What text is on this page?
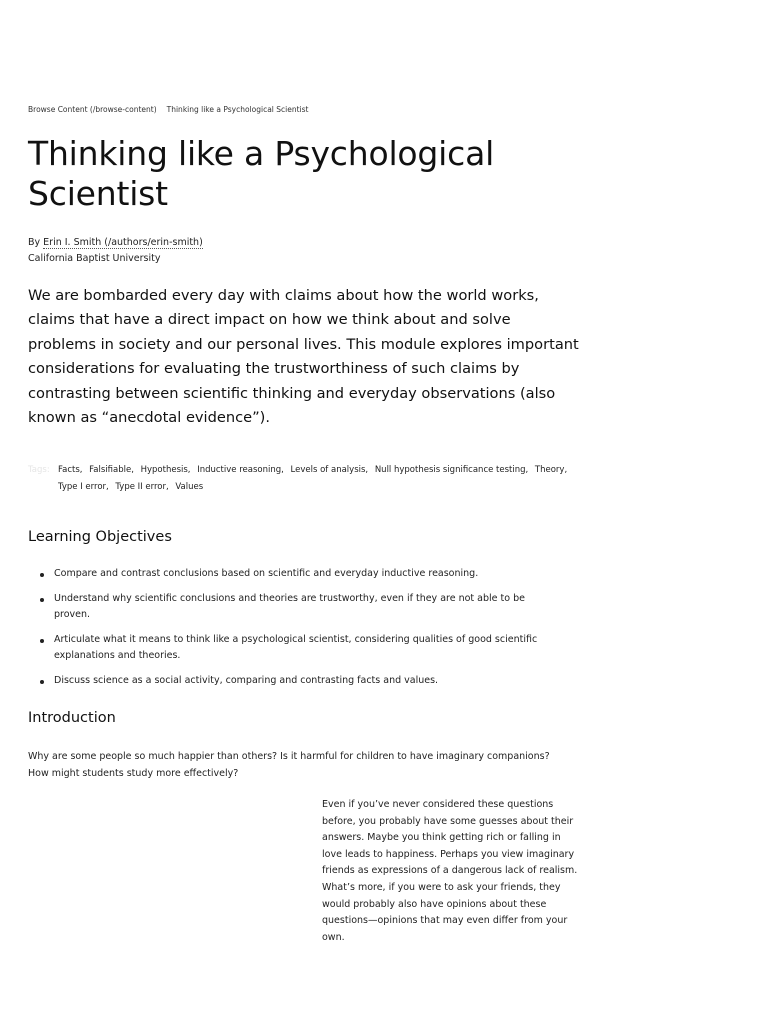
Browse Content (/browse-content) Thinking like a Psychological Scientist
Thinking like a Psychological Scientist
By Erin I. Smith (/authors/erin-smith)
California Baptist University

We are bombarded every day with claims about how the world works, claims that have a direct impact on how we think about and solve problems in society and our personal lives. This module explores important considerations for evaluating the trustworthiness of such claims by contrasting between scientific thinking and everyday observations (also known as “anecdotal evidence”).

Tags: Facts, Falsifiable, Hypothesis, Inductive reasoning, Levels of analysis, Null hypothesis significance testing, Theory,
Type I error, Type II error, Values
Learning Objectives
Compare and contrast conclusions based on scientific and everyday inductive reasoning.
Understand why scientific conclusions and theories are trustworthy, even if they are not able to be proven.
Articulate what it means to think like a psychological scientist, considering qualities of good scientific explanations and theories.
Discuss science as a social activity, comparing and contrasting facts and values.
Introduction

Why are some people so much happier than others? Is it harmful for children to have imaginary companions? How might students study more effectively?

Even if you’ve never considered these questions before, you probably have some guesses about their answers. Maybe you think getting rich or falling in love leads to happiness. Perhaps you view imaginary friends as expressions of a dangerous lack of realism. What’s more, if you were to ask your friends, they would probably also have opinions about these questions—opinions that may even differ from your own.
